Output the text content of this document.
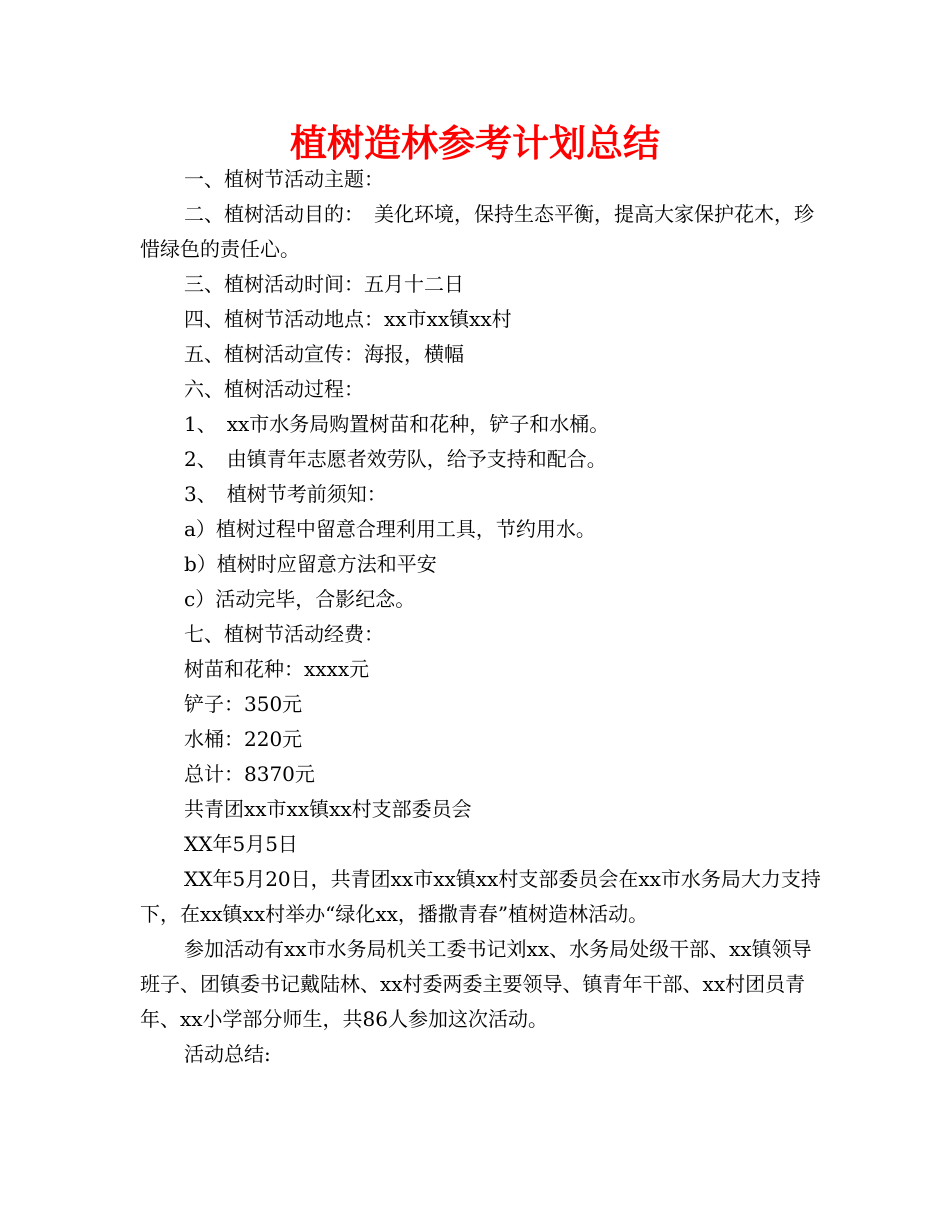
植树造林参考计划总结

一、植树节活动主题：

二、植树活动目的：　美化环境，保持生态平衡，提高大家保护花木，珍惜绿色的责任心。

三、植树活动时间：五月十二日

四、植树节活动地点：xx市xx镇xx村

五、植树活动宣传：海报，横幅

六、植树活动过程：

1、　xx市水务局购置树苗和花种，铲子和水桶。

2、　由镇青年志愿者效劳队，给予支持和配合。

3、　植树节考前须知：

a）植树过程中留意合理利用工具，节约用水。

b）植树时应留意方法和平安

c）活动完毕，合影纪念。

七、植树节活动经费：

树苗和花种：xxxx元

铲子：350元

水桶：220元

总计：8370元

共青团xx市xx镇xx村支部委员会

XX年5月5日

XX年5月20日，共青团xx市xx镇xx村支部委员会在xx市水务局大力支持下，在xx镇xx村举办“绿化xx，播撒青春”植树造林活动。

参加活动有xx市水务局机关工委书记刘xx、水务局处级干部、xx镇领导班子、团镇委书记戴陆林、xx村委两委主要领导、镇青年干部、xx村团员青年、xx小学部分师生，共86人参加这次活动。

活动总结:
